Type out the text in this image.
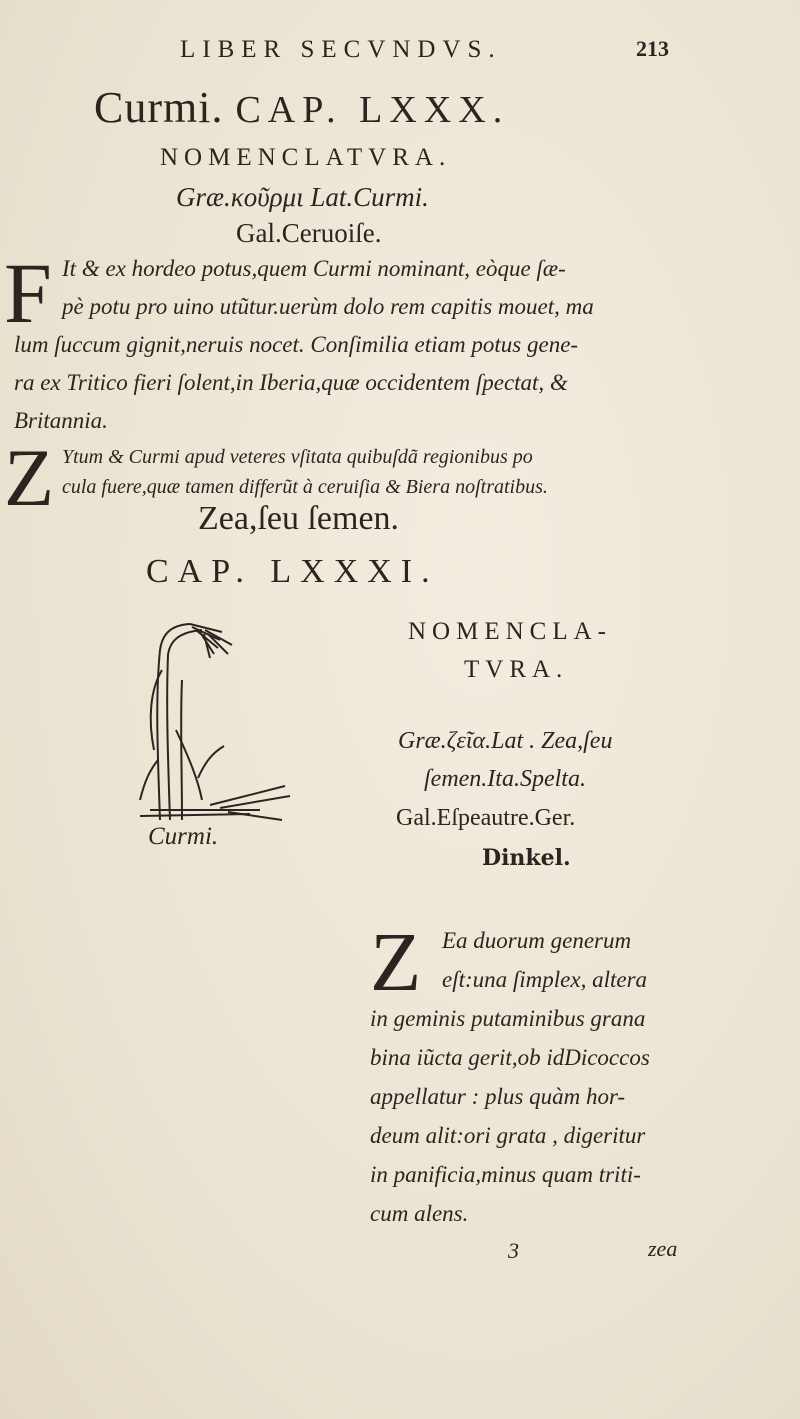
LIBER SECVNDVS.	213
Curmi. CAP. LXXX.
NOMENCLATVRA.
Græ.κοῦρμι Lat.Curmi.
Gal.Ceruoiſe.
F It & ex hordeo potus,quem Curmi nominant, eòque ſæ-
pè potu pro uino utũtur.uerùm dolo rem capitis mouet, ma
lum ſuccum gignit,neruis nocet. Conſimilia etiam potus gene-
ra ex Tritico fieri ſolent,in Iberia,quæ occidentem ſpectat, &
Britannia.
Z Ytum & Curmi apud veteres vſitata quibuſdã regionibus po
cula fuere,quæ tamen differũt à ceruiſia & Biera noſtratibus.
Zea,ſeu ſemen.
CAP. LXXXI.
Curmi.
NOMENCLA-
TVRA.
Græ.ζεῖα.Lat . Zea,ſeu
ſemen.Ita.Spelta.
Gal.Eſpeautre.Ger.
Dinkel.
Z Ea duorum generum
eſt:una ſimplex, altera
in geminis putaminibus grana
bina iũcta gerit,ob idDicoccos
appellatur : plus quàm hor-
deum alit:ori grata , digeritur
in panificia,minus quam triti-
cum alens.
3	zea
